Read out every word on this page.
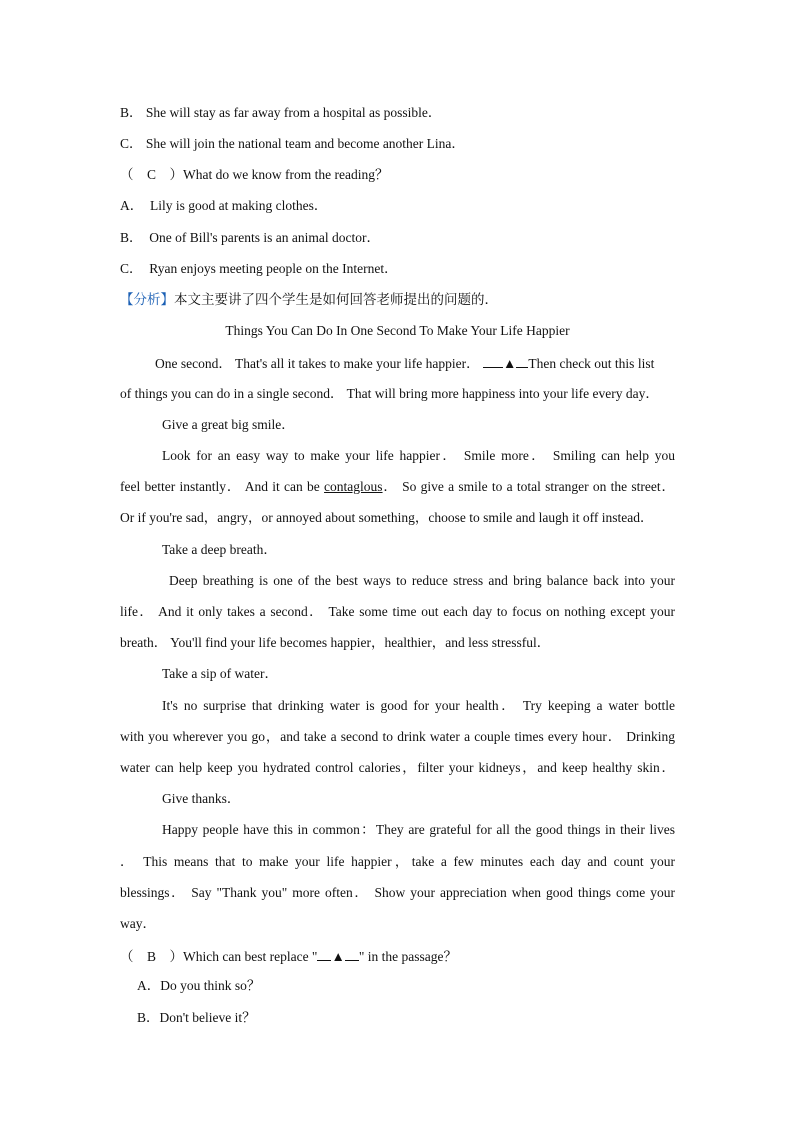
B． She will stay as far away from a hospital as possible．
C． She will join the national team and become another Lina．
（　C　）What do we know from the reading？
A．　Lily is good at making clothes．
B．　One of Bill's parents is an animal doctor．
C．　Ryan enjoys meeting people on the Internet．
【分析】本文主要讲了四个学生是如何回答老师提出的问题的．
Things You Can Do In One Second To Make Your Life Happier
One second． That's all it takes to make your life happier． ▲ Then check out this list
of things you can do in a single second． That will bring more happiness into your life every day．
Give a great big smile．
Look for an easy way to make your life happier． Smile more． Smiling can help you
feel better instantly． And it can be contaglous． So give a smile to a total stranger on the street．
Or if you're sad，angry，or annoyed about something，choose to smile and laugh it off instead．
Take a deep breath．
Deep breathing is one of the best ways to reduce stress and bring balance back into your
life． And it only takes a second． Take some time out each day to focus on nothing except your
breath． You'll find your life becomes happier，healthier，and less stressful．
Take a sip of water．
It's no surprise that drinking water is good for your health． Try keeping a water bottle
with you wherever you go，and take a second to drink water a couple times every hour． Drinking
water can help keep you hydrated control calories，filter your kidneys，and keep healthy skin．
Give thanks．
Happy people have this in common：They are grateful for all the good things in their lives
． This means that to make your life happier，take a few minutes each day and count your
blessings． Say "Thank you" more often． Show your appreciation when good things come your
way．
（　B　）Which can best replace " ▲ " in the passage？
A．Do you think so？
B．Don't believe it？
